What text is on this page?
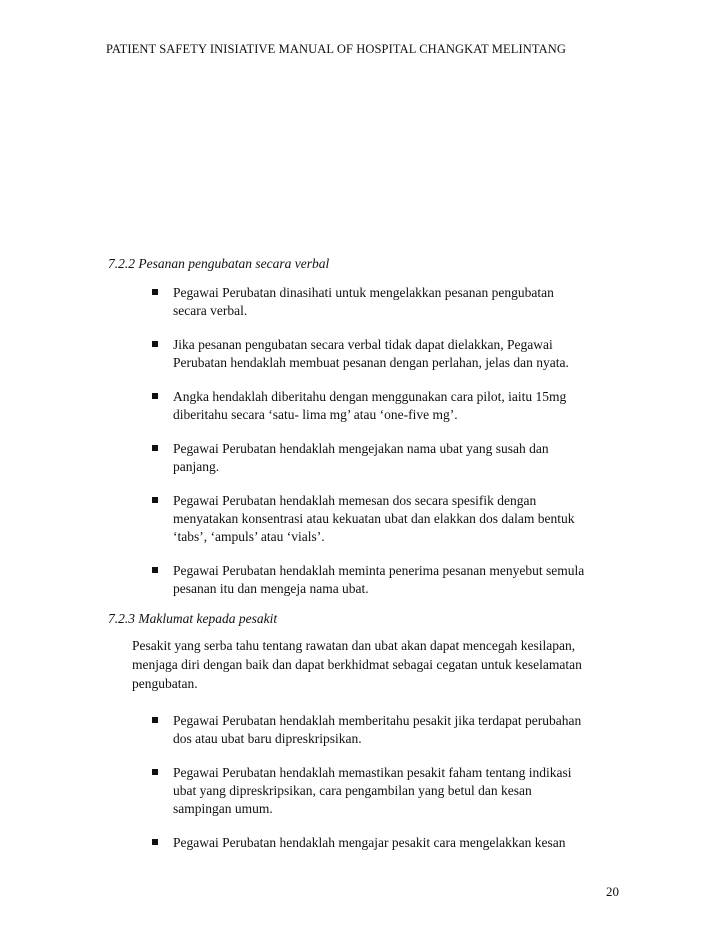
PATIENT SAFETY INISIATIVE MANUAL OF HOSPITAL CHANGKAT MELINTANG
7.2.2 Pesanan pengubatan secara verbal
Pegawai Perubatan dinasihati untuk mengelakkan pesanan pengubatan
secara verbal.
Jika pesanan pengubatan secara verbal tidak dapat dielakkan, Pegawai
Perubatan hendaklah membuat pesanan dengan perlahan, jelas dan nyata.
Angka hendaklah diberitahu dengan menggunakan cara pilot, iaitu 15mg
diberitahu secara ‘satu- lima mg’ atau ‘one-five mg’.
Pegawai Perubatan hendaklah mengejakan nama ubat yang susah dan
panjang.
Pegawai Perubatan hendaklah memesan dos secara spesifik dengan
menyatakan konsentrasi atau kekuatan ubat dan elakkan dos dalam bentuk
‘tabs’, ‘ampuls’ atau ‘vials’.
Pegawai Perubatan hendaklah meminta penerima pesanan menyebut semula
pesanan itu dan mengeja nama ubat.
7.2.3 Maklumat kepada pesakit
Pesakit yang serba tahu tentang rawatan dan ubat akan dapat mencegah kesilapan,
menjaga diri dengan baik dan dapat berkhidmat sebagai cegatan untuk keselamatan
pengubatan.
Pegawai Perubatan hendaklah memberitahu pesakit jika terdapat perubahan
dos atau ubat baru dipreskripsikan.
Pegawai Perubatan hendaklah memastikan pesakit faham tentang indikasi
ubat yang dipreskripsikan, cara pengambilan yang betul dan kesan
sampingan umum.
Pegawai Perubatan hendaklah mengajar pesakit cara mengelakkan kesan
20
